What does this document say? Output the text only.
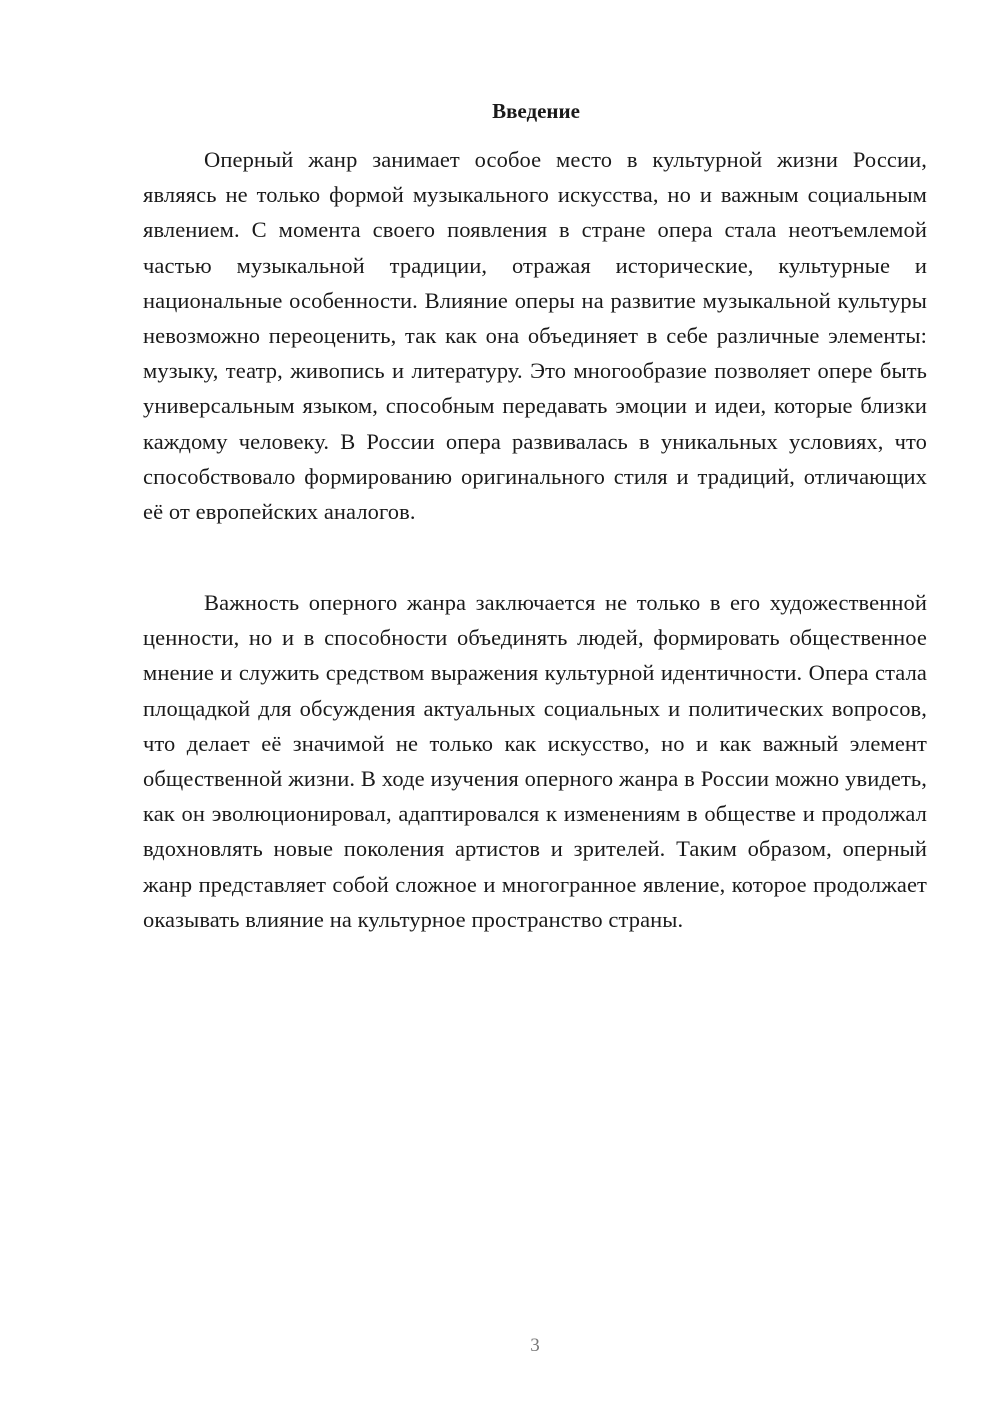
Введение

Оперный жанр занимает особое место в культурной жизни России, являясь не только формой музыкального искусства, но и важным социальным явлением. С момента своего появления в стране опера стала неотъемлемой частью музыкальной традиции, отражая исторические, культурные и национальные особенности. Влияние оперы на развитие музыкальной культуры невозможно переоценить, так как она объединяет в себе различные элементы: музыку, театр, живопись и литературу. Это многообразие позволяет опере быть универсальным языком, способным передавать эмоции и идеи, которые близки каждому человеку. В России опера развивалась в уникальных условиях, что способствовало формированию оригинального стиля и традиций, отличающих её от европейских аналогов.

Важность оперного жанра заключается не только в его художественной ценности, но и в способности объединять людей, формировать общественное мнение и служить средством выражения культурной идентичности. Опера стала площадкой для обсуждения актуальных социальных и политических вопросов, что делает её значимой не только как искусство, но и как важный элемент общественной жизни. В ходе изучения оперного жанра в России можно увидеть, как он эволюционировал, адаптировался к изменениям в обществе и продолжал вдохновлять новые поколения артистов и зрителей. Таким образом, оперный жанр представляет собой сложное и многогранное явление, которое продолжает оказывать влияние на культурное пространство страны.

3
